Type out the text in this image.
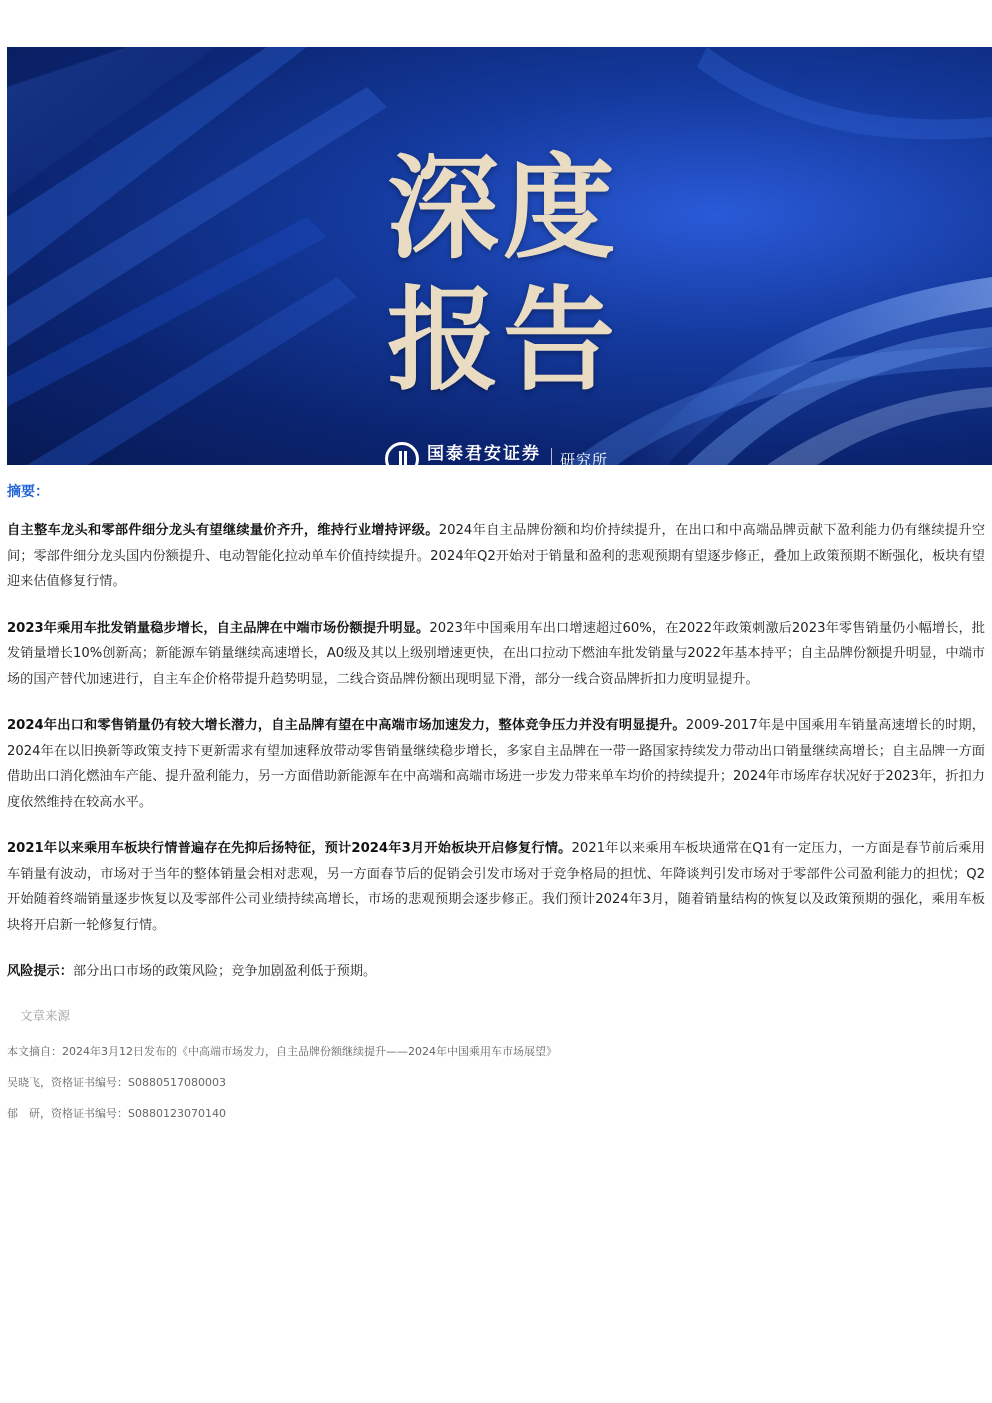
深度报告
国泰君安证券
GUOTAI JUNAN SECURITIES
研究所
摘要：

自主整车龙头和零部件细分龙头有望继续量价齐升，维持行业增持评级。2024年自主品牌份额和均价持续提升，在出口和中高端品牌贡献下盈利能力仍有继续提升空间；零部件细分龙头国内份额提升、电动智能化拉动单车价值持续提升。2024年Q2开始对于销量和盈利的悲观预期有望逐步修正，叠加上政策预期不断强化，板块有望迎来估值修复行情。

2023年乘用车批发销量稳步增长，自主品牌在中端市场份额提升明显。2023年中国乘用车出口增速超过60%，在2022年政策刺激后2023年零售销量仍小幅增长，批发销量增长10%创新高；新能源车销量继续高速增长，A0级及其以上级别增速更快，在出口拉动下燃油车批发销量与2022年基本持平；自主品牌份额提升明显，中端市场的国产替代加速进行，自主车企价格带提升趋势明显，二线合资品牌份额出现明显下滑，部分一线合资品牌折扣力度明显提升。

2024年出口和零售销量仍有较大增长潜力，自主品牌有望在中高端市场加速发力，整体竞争压力并没有明显提升。2009-2017年是中国乘用车销量高速增长的时期，2024年在以旧换新等政策支持下更新需求有望加速释放带动零售销量继续稳步增长，多家自主品牌在一带一路国家持续发力带动出口销量继续高增长；自主品牌一方面借助出口消化燃油车产能、提升盈利能力，另一方面借助新能源车在中高端和高端市场进一步发力带来单车均价的持续提升；2024年市场库存状况好于2023年，折扣力度依然维持在较高水平。

2021年以来乘用车板块行情普遍存在先抑后扬特征，预计2024年3月开始板块开启修复行情。2021年以来乘用车板块通常在Q1有一定压力，一方面是春节前后乘用车销量有波动，市场对于当年的整体销量会相对悲观，另一方面春节后的促销会引发市场对于竞争格局的担忧、年降谈判引发市场对于零部件公司盈利能力的担忧；Q2开始随着终端销量逐步恢复以及零部件公司业绩持续高增长，市场的悲观预期会逐步修正。我们预计2024年3月，随着销量结构的恢复以及政策预期的强化，乘用车板块将开启新一轮修复行情。

风险提示：部分出口市场的政策风险；竞争加剧盈利低于预期。

文章来源
本文摘自：2024年3月12日发布的《中高端市场发力，自主品牌份额继续提升——2024年中国乘用车市场展望》
吴晓飞，资格证书编号：S0880517080003
郁　研，资格证书编号：S0880123070140
